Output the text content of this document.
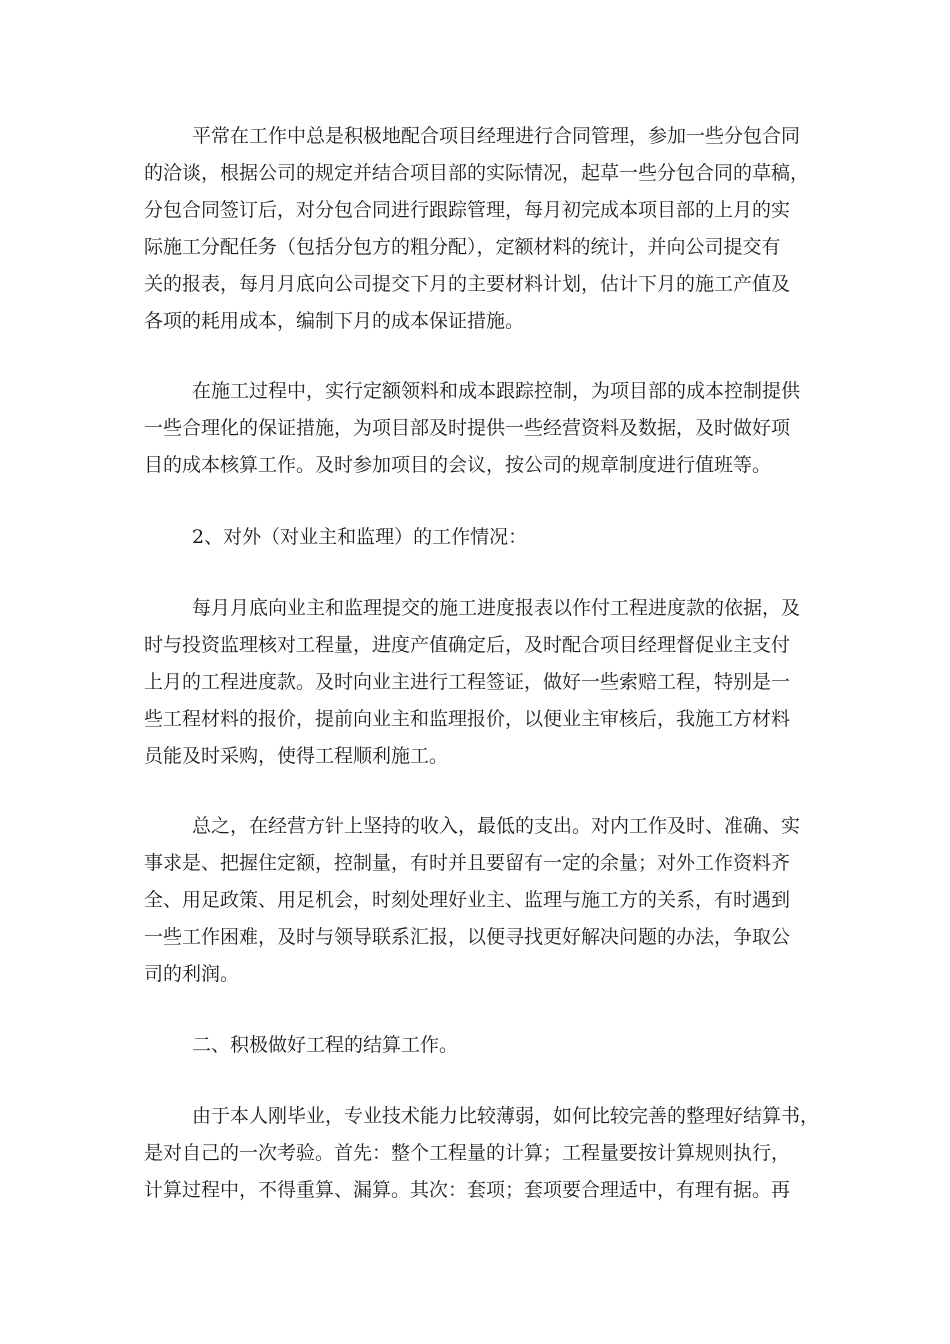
平常在工作中总是积极地配合项目经理进行合同管理，参加一些分包合同
的洽谈，根据公司的规定并结合项目部的实际情况，起草一些分包合同的草稿，
分包合同签订后，对分包合同进行跟踪管理，每月初完成本项目部的上月的实
际施工分配任务（包括分包方的粗分配），定额材料的统计，并向公司提交有
关的报表，每月月底向公司提交下月的主要材料计划，估计下月的施工产值及
各项的耗用成本，编制下月的成本保证措施。
在施工过程中，实行定额领料和成本跟踪控制，为项目部的成本控制提供
一些合理化的保证措施，为项目部及时提供一些经营资料及数据，及时做好项
目的成本核算工作。及时参加项目的会议，按公司的规章制度进行值班等。
2、对外（对业主和监理）的工作情况：
每月月底向业主和监理提交的施工进度报表以作付工程进度款的依据，及
时与投资监理核对工程量，进度产值确定后，及时配合项目经理督促业主支付
上月的工程进度款。及时向业主进行工程签证，做好一些索赔工程，特别是一
些工程材料的报价，提前向业主和监理报价，以便业主审核后，我施工方材料
员能及时采购，使得工程顺利施工。
总之，在经营方针上坚持的收入，最低的支出。对内工作及时、准确、实
事求是、把握住定额，控制量，有时并且要留有一定的余量；对外工作资料齐
全、用足政策、用足机会，时刻处理好业主、监理与施工方的关系，有时遇到
一些工作困难，及时与领导联系汇报，以便寻找更好解决问题的办法，争取公
司的利润。
二、积极做好工程的结算工作。
由于本人刚毕业，专业技术能力比较薄弱，如何比较完善的整理好结算书，
是对自己的一次考验。首先：整个工程量的计算；工程量要按计算规则执行，
计算过程中，不得重算、漏算。其次：套项；套项要合理适中，有理有据。再
